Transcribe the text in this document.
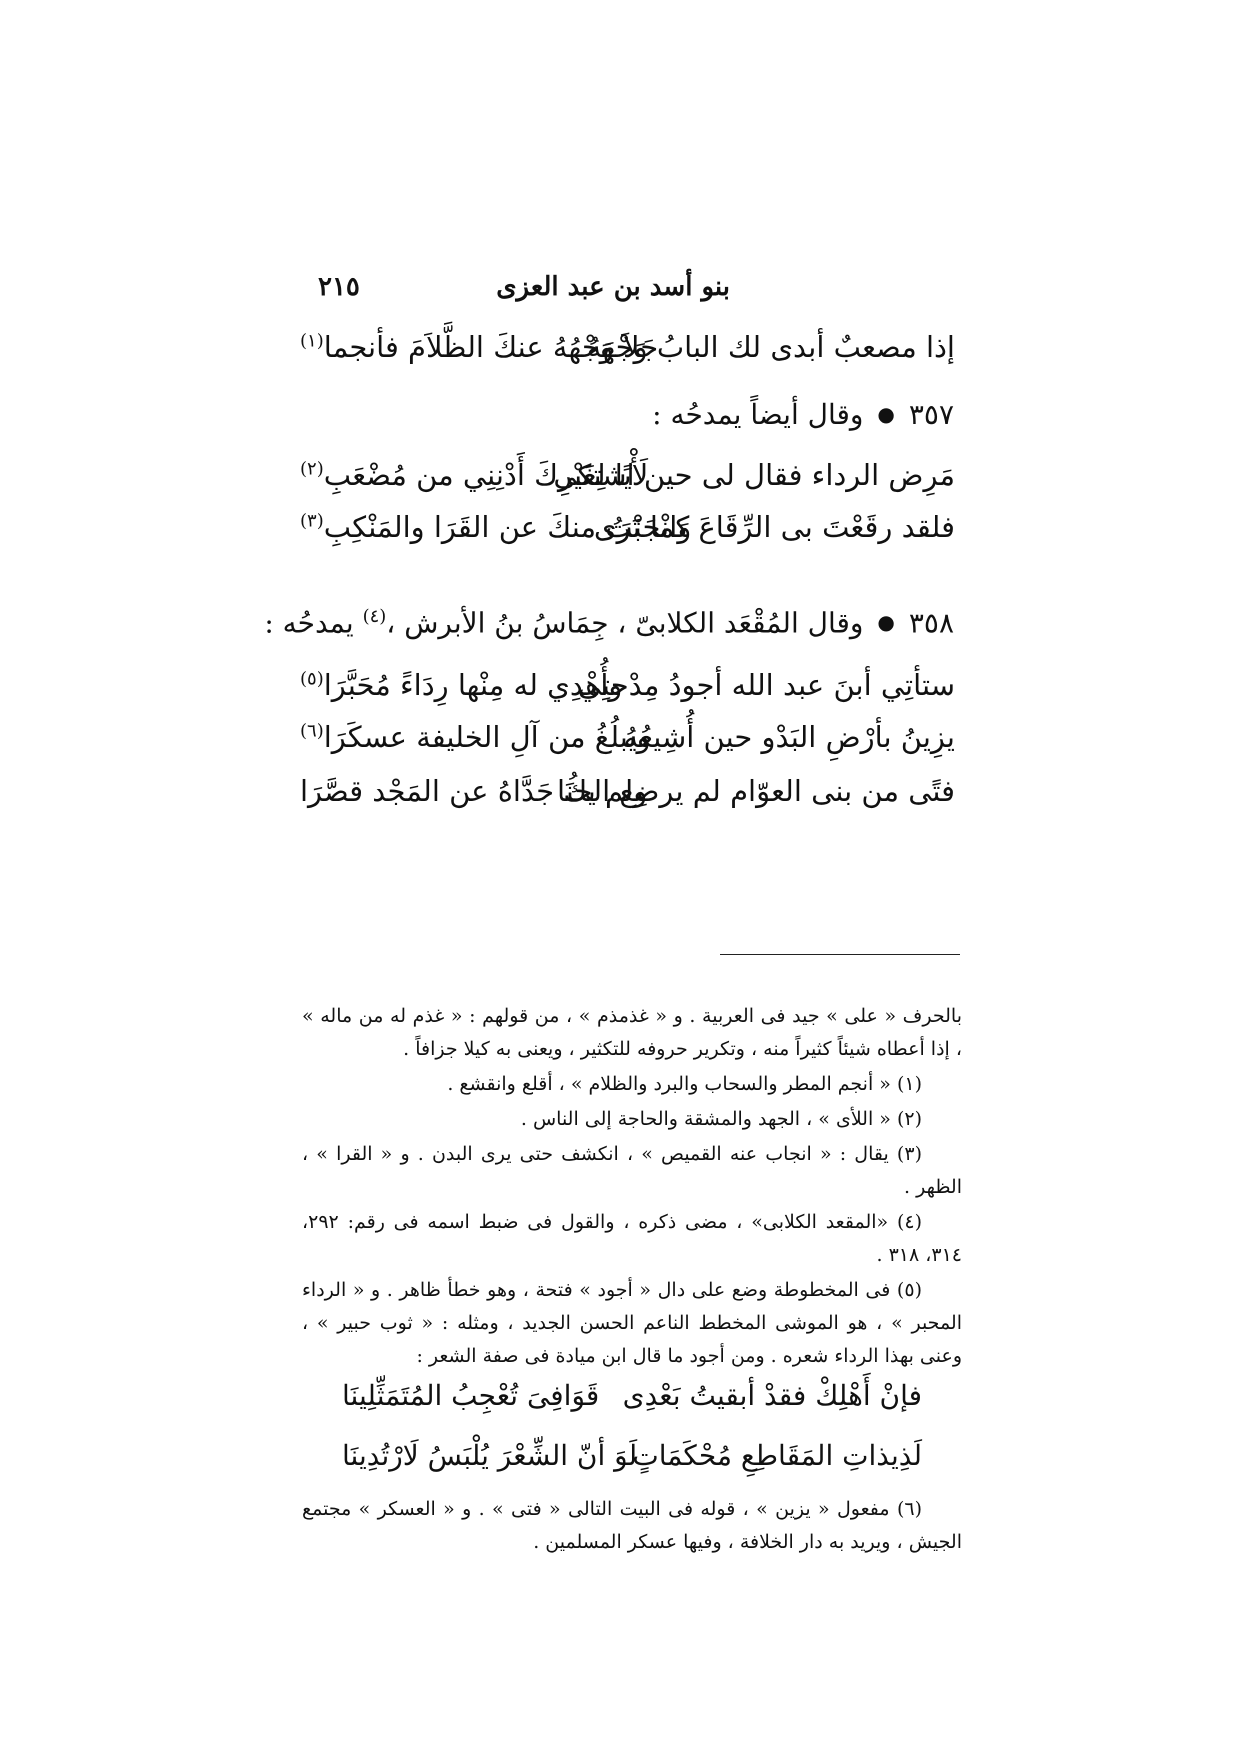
بنو أسد بن عبد العزى
٢١٥
إذا مصعبٌ أبدى لك البابُ وَجْهَهُ
جَلاَ وَجْهُهُ عنكَ الظَّلاَمَ فأنجما$^{(١)}$
٣٥٧●وقال أيضاً يمدحُه :
مَرِض الرداء فقال لى حين اشتكى
لَأْيًا لِغَيْرِكَ أَدْنِنِي من مُضْعَبِ$^{(٢)}$
فلقد رقَعْتَ بى الرِّقَاعَ كما تَرَى
وَانْجَبْتُ منكَ عن القَرَا والمَنْكِبِ$^{(٣)}$
٣٥٨●وقال المُقْعَد الكلابىّ ، جِمَاسُ بنُ الأبرش ،$^{(٤)}$ يمدحُه :
ستأتِي أبنَ عبد الله أجودُ مِدْحتِي
وأُهْدِي له مِنْها رِدَاءً مُحَبَّرَا$^{(٥)}$
يزِينُ بأرْضِ البَدْو حين أُشِيعُهُ
ويبلُغُ من آلِ الخليفة عسكَرَا$^{(٦)}$
فتًى من بنى العوّام لم يرضِع الخنَا
ولم يكُ جَدَّاهُ عن المَجْد قصَّرَا

بالحرف « على » جيد فى العربية . و « غذمذم » ، من قولهم : « غذم له من ماله » ، إذا أعطاه شيئاً كثيراً منه ، وتكرير حروفه للتكثير ، ويعنى به كيلا جزافاً .

(١) « أنجم المطر والسحاب والبرد والظلام » ، أقلع وانقشع .

(٢) « اللأى » ، الجهد والمشقة والحاجة إلى الناس .

(٣) يقال : « انجاب عنه القميص » ، انكشف حتى يرى البدن . و « القرا » ، الظهر .

(٤) «المقعد الكلابى» ، مضى ذكره ، والقول فى ضبط اسمه فى رقم: ٢٩٢، ٣١٤، ٣١٨ .

(٥) فى المخطوطة وضع على دال « أجود » فتحة ، وهو خطأ ظاهر . و « الرداء المحبر » ، هو الموشى المخطط الناعم الحسن الجديد ، ومثله : « ثوب حبير » ، وعنى بهذا الرداء شعره . ومن أجود ما قال ابن ميادة فى صفة الشعر :

فإنْ أَهْلِكْ فقدْ أبقيتُ بَعْدِى
قَوَافِىَ تُعْجِبُ المُتَمَثِّلِينَا
لَذِيذاتِ المَقَاطِعِ مُحْكَمَاتٍ
لَوَ أنّ الشِّعْرَ يُلْبَسُ لَارْتُدِينَا

(٦) مفعول « يزين » ، قوله فى البيت التالى « فتى » . و « العسكر » مجتمع الجيش ، ويريد به دار الخلافة ، وفيها عسكر المسلمين .
